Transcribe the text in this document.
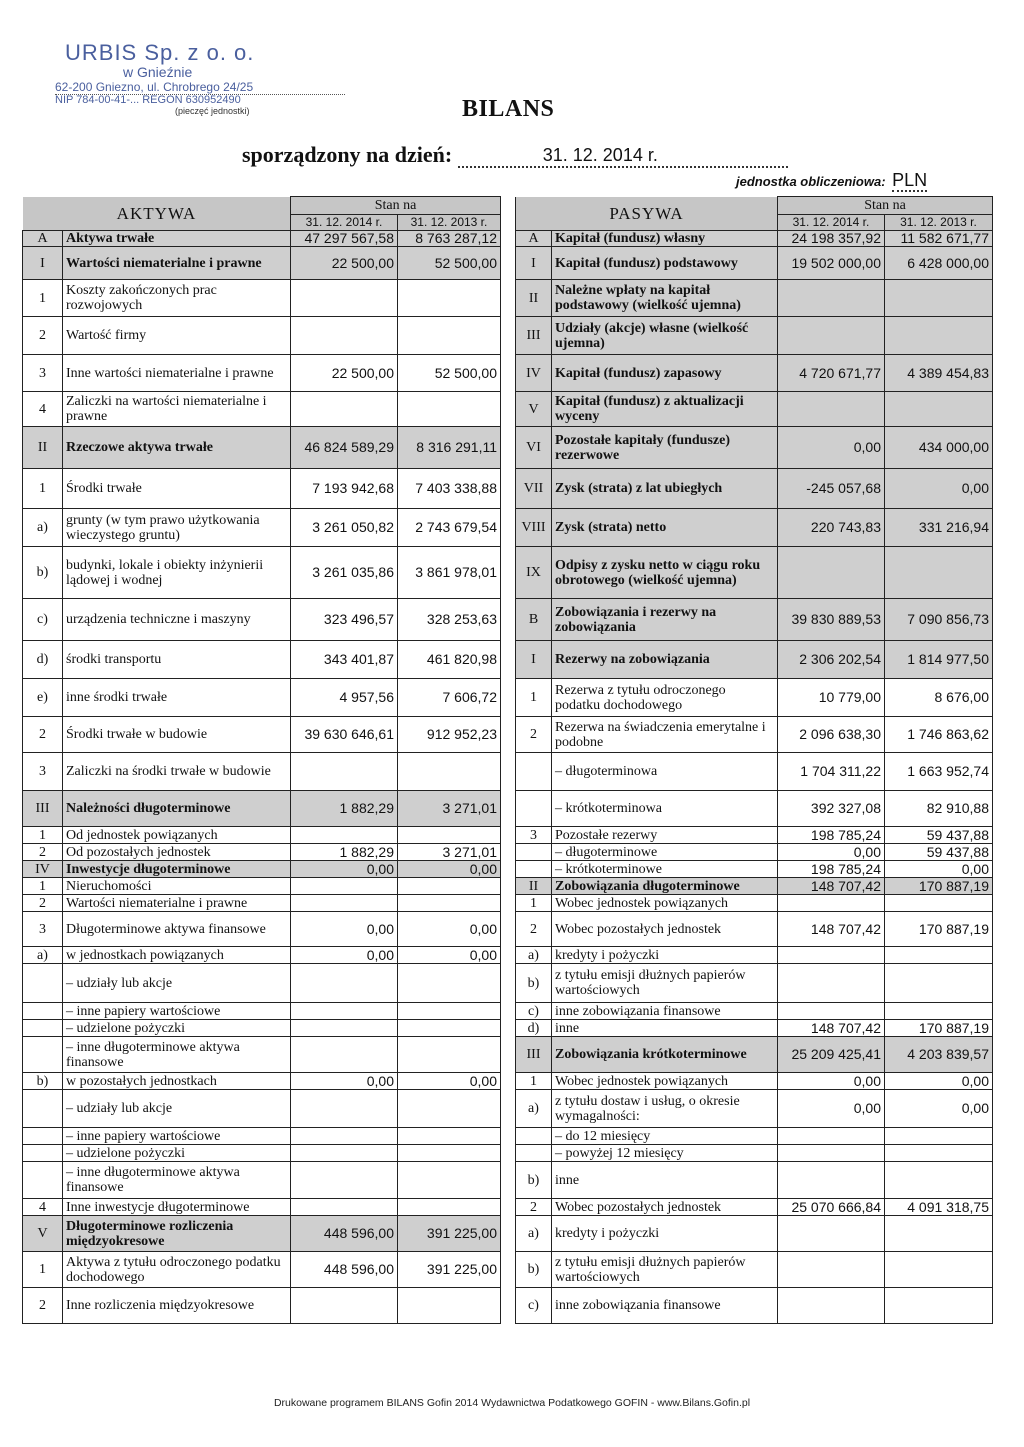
URBIS Sp. z o. o.
w Gnieźnie
62-200 Gniezno, ul. Chrobrego 24/25
NIP 784-00-41-... REGON 630952490
(pieczęć jednostki)	BILANS
sporządzony na dzień:	31. 12. 2014 r.
jednostka obliczeniowa: PLN
AKTYWA		Stan na	
		31. 12. 2014 r.	31. 12. 2013 r.
A	Aktywa trwałe	47 297 567,58	8 763 287,12
I	Wartości niematerialne i prawne	22 500,00	52 500,00
1	Koszty zakończonych prac rozwojowych		
2	Wartość firmy		
3	Inne wartości niematerialne i prawne	22 500,00	52 500,00
4	Zaliczki na wartości niematerialne i prawne		
II	Rzeczowe aktywa trwałe	46 824 589,29	8 316 291,11
1	Środki trwałe	7 193 942,68	7 403 338,88
a)	grunty (w tym prawo użytkowania wieczystego gruntu)	3 261 050,82	2 743 679,54
b)	budynki, lokale i obiekty inżynierii lądowej i wodnej	3 261 035,86	3 861 978,01
c)	urządzenia techniczne i maszyny	323 496,57	328 253,63
d)	środki transportu	343 401,87	461 820,98
e)	inne środki trwałe	4 957,56	7 606,72
2	Środki trwałe w budowie	39 630 646,61	912 952,23
3	Zaliczki na środki trwałe w budowie		
III	Należności długoterminowe	1 882,29	3 271,01
1	Od jednostek powiązanych		
2	Od pozostałych jednostek	1 882,29	3 271,01
IV	Inwestycje długoterminowe	0,00	0,00
1	Nieruchomości		
2	Wartości niematerialne i prawne		
3	Długoterminowe aktywa finansowe	0,00	0,00
a)	w jednostkach powiązanych	0,00	0,00
	– udziały lub akcje		
	– inne papiery wartościowe		
	– udzielone pożyczki		
	– inne długoterminowe aktywa finansowe		
b)	w pozostałych jednostkach	0,00	0,00
	– udziały lub akcje		
	– inne papiery wartościowe		
	– udzielone pożyczki		
	– inne długoterminowe aktywa finansowe		
4	Inne inwestycje długoterminowe		
V	Długoterminowe rozliczenia międzyokresowe	448 596,00	391 225,00
1	Aktywa z tytułu odroczonego podatku dochodowego	448 596,00	391 225,00
2	Inne rozliczenia międzyokresowe		
PASYWA		Stan na	
		31. 12. 2014 r.	31. 12. 2013 r.
A	Kapitał (fundusz) własny	24 198 357,92	11 582 671,77
I	Kapitał (fundusz) podstawowy	19 502 000,00	6 428 000,00
II	Należne wpłaty na kapitał podstawowy (wielkość ujemna)		
III	Udziały (akcje) własne (wielkość ujemna)		
IV	Kapitał (fundusz) zapasowy	4 720 671,77	4 389 454,83
V	Kapitał (fundusz) z aktualizacji wyceny		
VI	Pozostałe kapitały (fundusze) rezerwowe	0,00	434 000,00
VII	Zysk (strata) z lat ubiegłych	-245 057,68	0,00
VIII	Zysk (strata) netto	220 743,83	331 216,94
IX	Odpisy z zysku netto w ciągu roku obrotowego (wielkość ujemna)		
B	Zobowiązania i rezerwy na zobowiązania	39 830 889,53	7 090 856,73
I	Rezerwy na zobowiązania	2 306 202,54	1 814 977,50
1	Rezerwa z tytułu odroczonego podatku dochodowego	10 779,00	8 676,00
2	Rezerwa na świadczenia emerytalne i podobne	2 096 638,30	1 746 863,62
	– długoterminowa	1 704 311,22	1 663 952,74
	– krótkoterminowa	392 327,08	82 910,88
3	Pozostałe rezerwy	198 785,24	59 437,88
	– długoterminowe	0,00	59 437,88
	– krótkoterminowe	198 785,24	0,00
II	Zobowiązania długoterminowe	148 707,42	170 887,19
1	Wobec jednostek powiązanych		
2	Wobec pozostałych jednostek	148 707,42	170 887,19
a)	kredyty i pożyczki		
b)	z tytułu emisji dłużnych papierów wartościowych		
c)	inne zobowiązania finansowe		
d)	inne	148 707,42	170 887,19
III	Zobowiązania krótkoterminowe	25 209 425,41	4 203 839,57
1	Wobec jednostek powiązanych	0,00	0,00
a)	z tytułu dostaw i usług, o okresie wymagalności:	0,00	0,00
	– do 12 miesięcy		
	– powyżej 12 miesięcy		
b)	inne		
2	Wobec pozostałych jednostek	25 070 666,84	4 091 318,75
a)	kredyty i pożyczki		
b)	z tytułu emisji dłużnych papierów wartościowych		
c)	inne zobowiązania finansowe		
Drukowane programem BILANS Gofin 2014 Wydawnictwa Podatkowego GOFIN - www.Bilans.Gofin.pl
